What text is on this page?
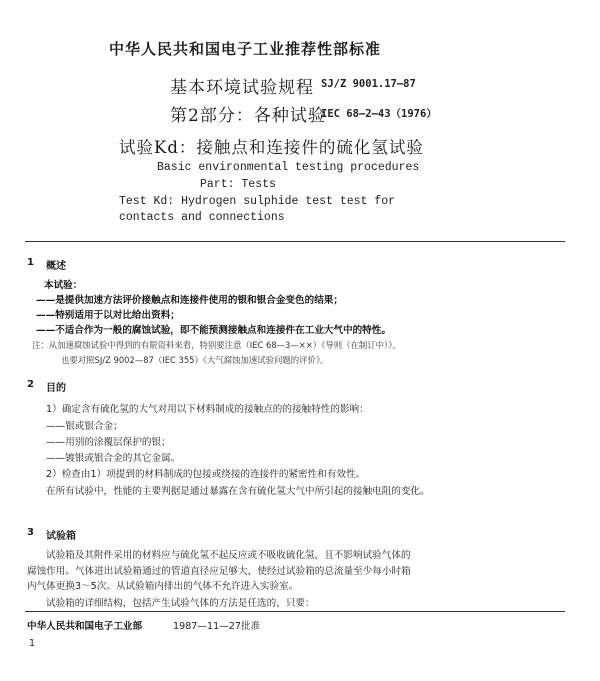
中华人民共和国电子工业推荐性部标准
基本环境试验规程 SJ/Z 9001.17—87
第2部分：各种试验
IEC 68—2—43（1976）
试验Kd：接触点和连接件的硫化氢试验
Basic environmental testing procedures
Part: Tests
Test Kd: Hydrogen sulphide test test for
contacts and connections
1 概述
本试验：
——是提供加速方法评价接触点和连接件使用的银和银合金变色的结果；
——特别适用于以对比给出资料；
——不适合作为一般的腐蚀试验，即不能预测接触点和连接件在工业大气中的特性。
注：从加速腐蚀试验中得到的有限资料来看，特别要注意（IEC 68—3—××）《导则（在制订中）》。
也要对照SJ/Z 9002—87（IEC 355）《大气腐蚀加速试验问题的评价》。
2 目的
1）确定含有硫化氢的大气对用以下材料制成的接触点的的接触特性的影响：
——银或银合金；
——用别的涂覆层保护的银；
——镀银或银合金的其它金属。
2）检查由1）项提到的材料制成的包接或绕接的连接件的紧密性和有效性。
在所有试验中，性能的主要判据是通过暴露在含有硫化氢大气中所引起的接触电阻的变化。
3 试验箱
试验箱及其附件采用的材料应与硫化氢不起反应或不吸收硫化氢，且不影响试验气体的
腐蚀作用。气体进出试验箱通过的管道直径应足够大，使经过试验箱的总流量至少每小时箱
内气体更换3～5次。从试验箱内排出的气体不允许进入实验室。
试验箱的详细结构，包括产生试验气体的方法是任选的，只要：
中华人民共和国电子工业部	1987—11—27批准
1
